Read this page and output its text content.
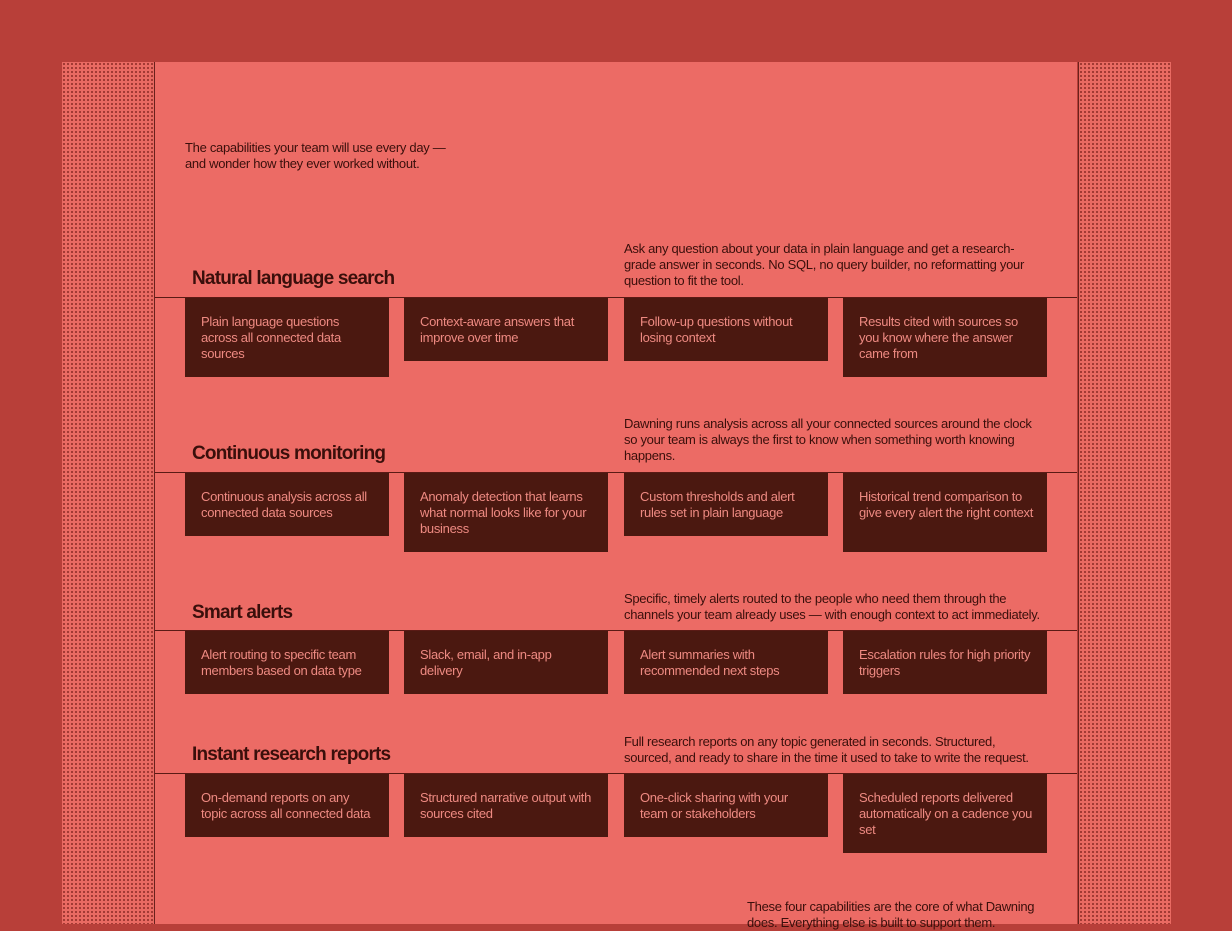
The capabilities your team will use every day — and wonder how they ever worked without.
Natural language search
Ask any question about your data in plain language and get a research-grade answer in seconds. No SQL, no query builder, no reformatting your question to fit the tool.
Plain language questions across all connected data sources
Context-aware answers that improve over time
Follow-up questions without losing context
Results cited with sources so you know where the answer came from
Continuous monitoring
Dawning runs analysis across all your connected sources around the clock so your team is always the first to know when something worth knowing happens.
Continuous analysis across all connected data sources
Anomaly detection that learns what normal looks like for your business
Custom thresholds and alert rules set in plain language
Historical trend comparison to give every alert the right context
Smart alerts
Specific, timely alerts routed to the people who need them through the channels your team already uses — with enough context to act immediately.
Alert routing to specific team members based on data type
Slack, email, and in-app delivery
Alert summaries with recommended next steps
Escalation rules for high priority triggers
Instant research reports
Full research reports on any topic generated in seconds. Structured, sourced, and ready to share in the time it used to take to write the request.
On-demand reports on any topic across all connected data
Structured narrative output with sources cited
One-click sharing with your team or stakeholders
Scheduled reports delivered automatically on a cadence you set
These four capabilities are the core of what Dawning does. Everything else is built to support them.
